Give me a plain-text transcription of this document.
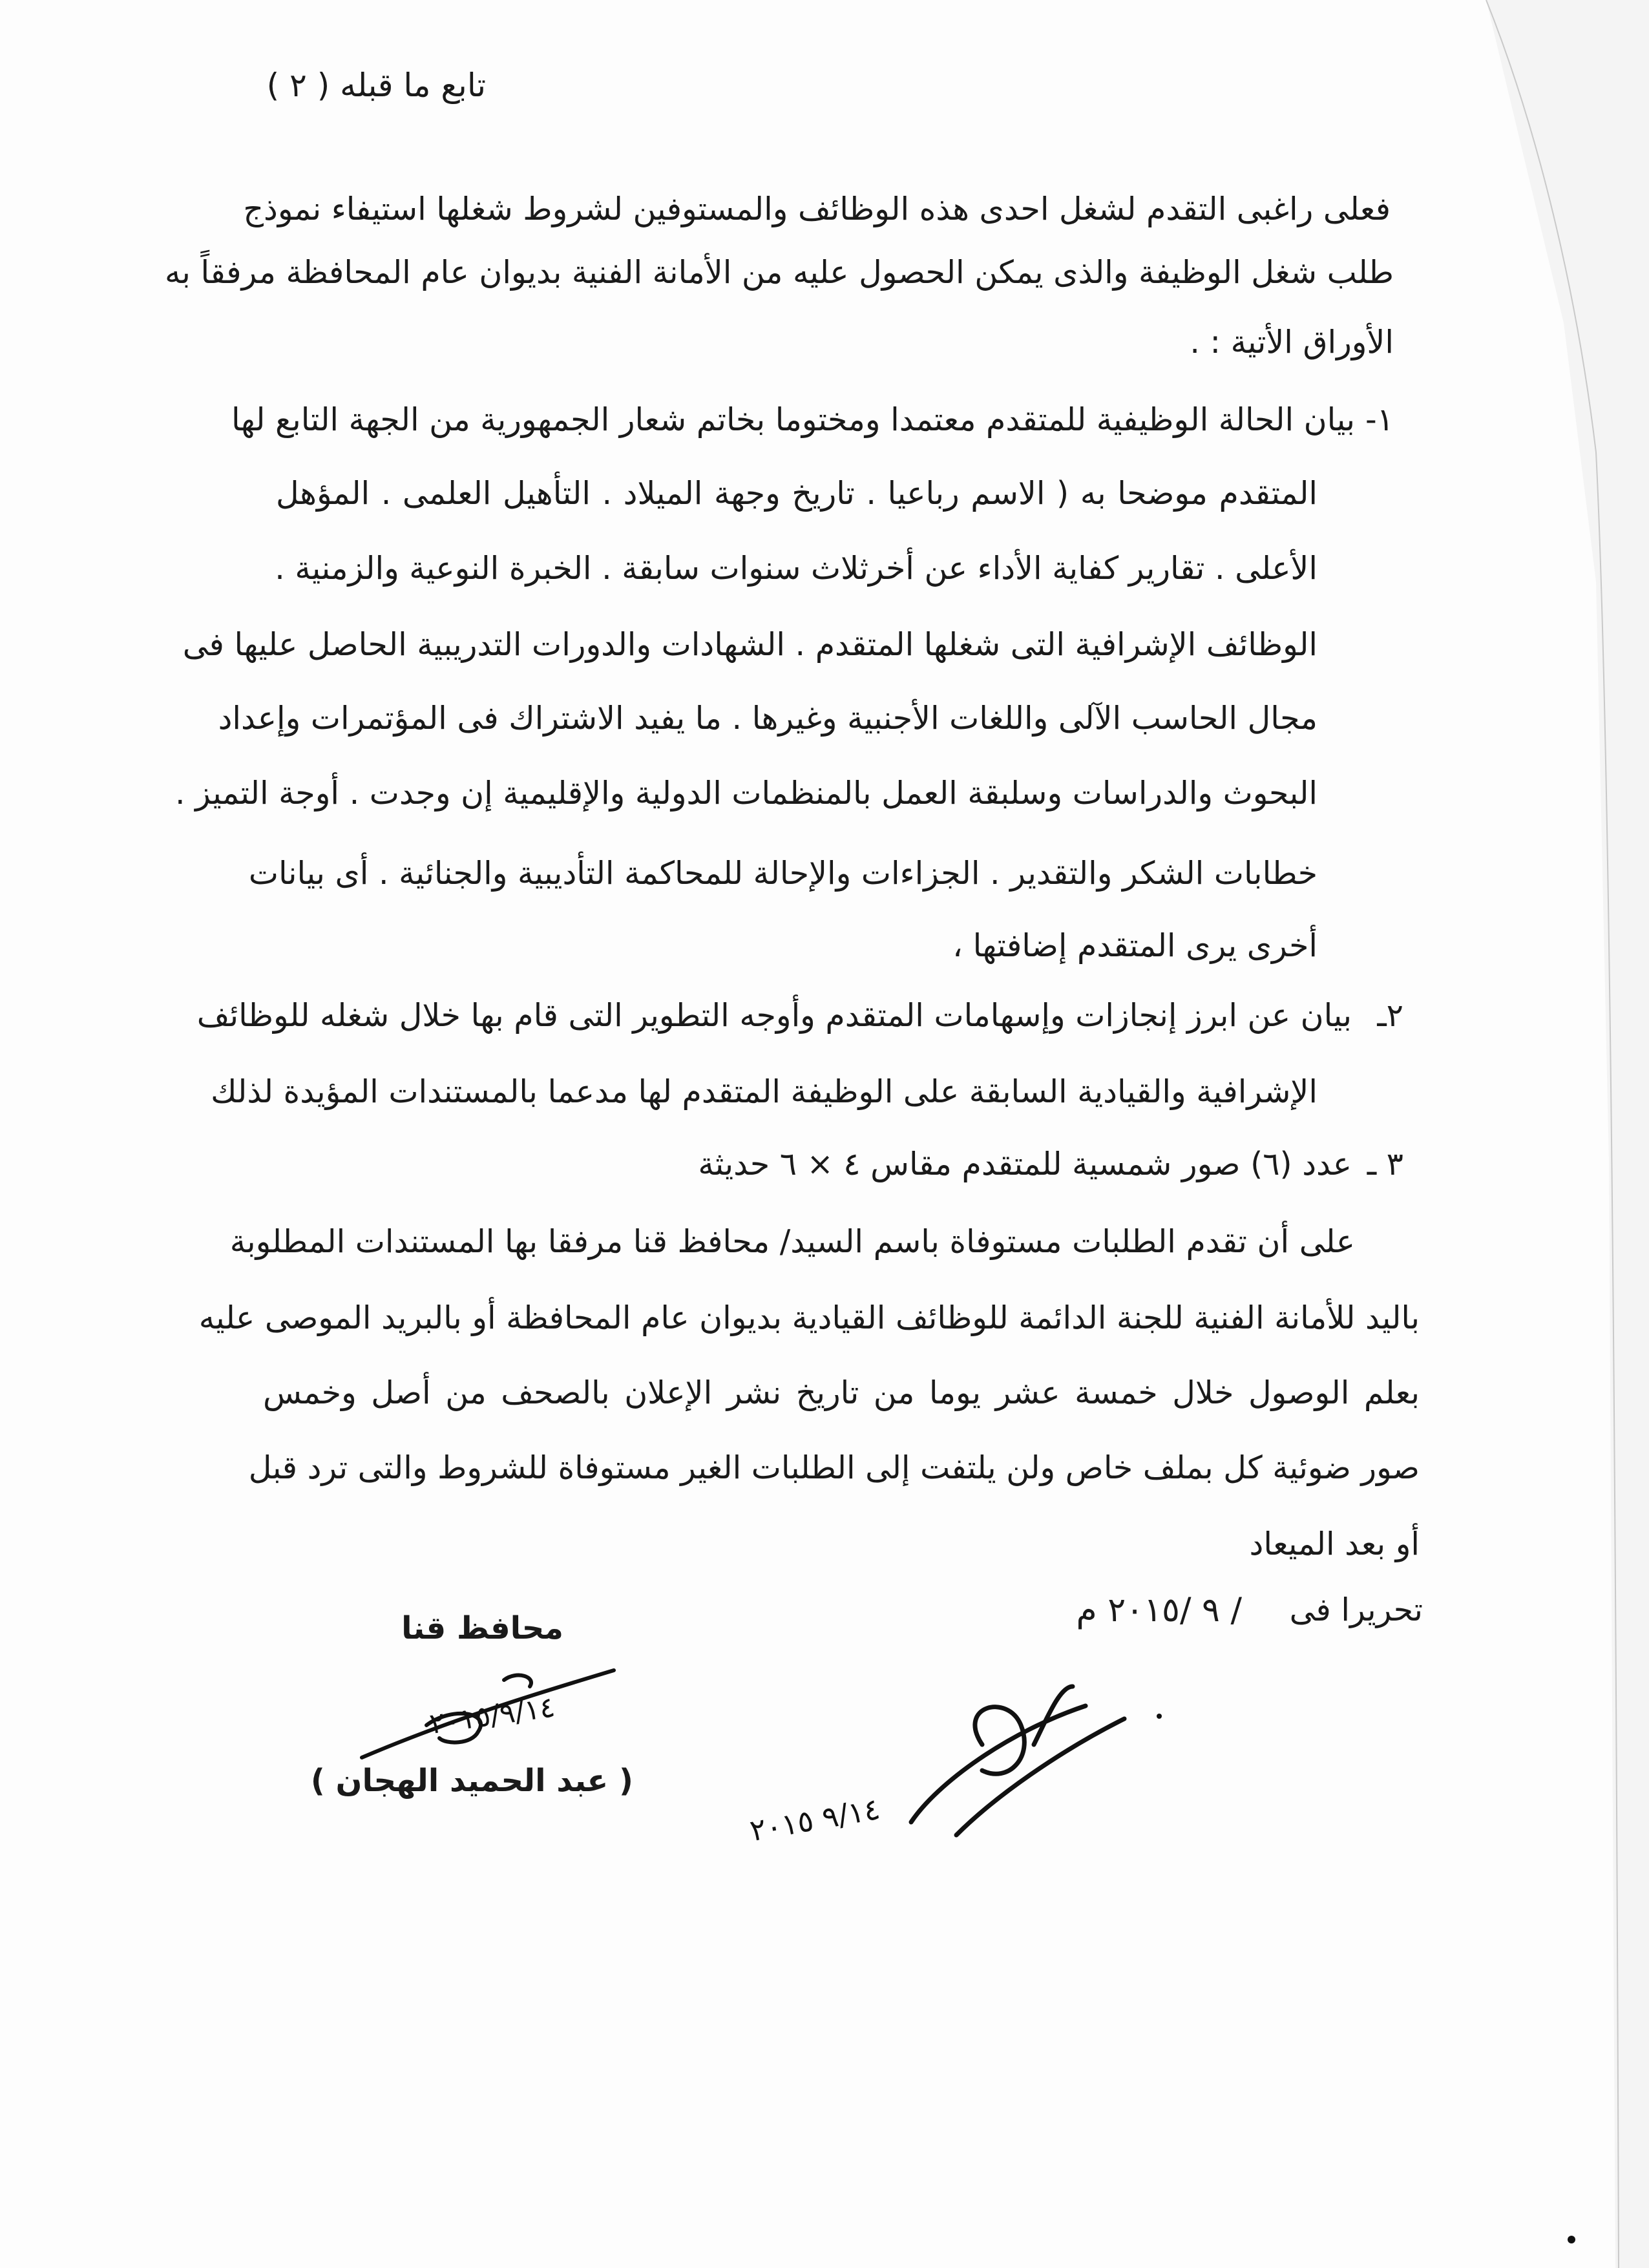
تابع ما قبله ( ٢ )
فعلى راغبى التقدم لشغل احدى هذه الوظائف والمستوفين لشروط شغلها استيفاء نموذج
طلب شغل الوظيفة والذى يمكن الحصول عليه من الأمانة الفنية بديوان عام المحافظة مرفقاً به
الأوراق الأتية : .
١-
بيان الحالة الوظيفية للمتقدم معتمدا ومختوما بخاتم شعار الجمهورية من الجهة التابع لها
المتقدم موضحا به ( الاسم رباعيا . تاريخ وجهة الميلاد . التأهيل العلمى . المؤهل
الأعلى . تقارير كفاية الأداء عن أخرثلاث سنوات سابقة . الخبرة النوعية والزمنية .
الوظائف الإشرافية التى شغلها المتقدم . الشهادات والدورات التدريبية الحاصل عليها فى
مجال الحاسب الآلى واللغات الأجنبية وغيرها . ما يفيد الاشتراك فى المؤتمرات وإعداد
البحوث والدراسات وسلبقة العمل بالمنظمات الدولية والإقليمية إن وجدت . أوجة التميز .
خطابات الشكر والتقدير . الجزاءات والإحالة للمحاكمة التأديبية والجنائية . أى بيانات
أخرى يرى المتقدم إضافتها ،
٢ـ
بيان عن ابرز إنجازات وإسهامات المتقدم وأوجه التطوير التى قام بها خلال شغله للوظائف
الإشرافية والقيادية السابقة على الوظيفة المتقدم لها مدعما بالمستندات المؤيدة لذلك
٣ ـ
عدد (٦) صور شمسية للمتقدم مقاس ٤ × ٦ حديثة
على أن تقدم الطلبات مستوفاة باسم السيد/ محافظ قنا مرفقا بها المستندات المطلوبة
باليد للأمانة الفنية للجنة الدائمة للوظائف القيادية بديوان عام المحافظة أو بالبريد الموصى عليه
بعلم الوصول خلال خمسة عشر يوما من تاريخ نشر الإعلان بالصحف من أصل وخمس
صور ضوئية كل بملف خاص ولن يلتفت إلى الطلبات الغير مستوفاة للشروط والتى ترد قبل
أو بعد الميعاد
تحريرا فى
/ ٩ /٢٠١٥ م
محافظ قنا
( عبد الحميد الهجان )
٢٠١٥/٩/١٤
٩/١٤ ٢٠١٥
